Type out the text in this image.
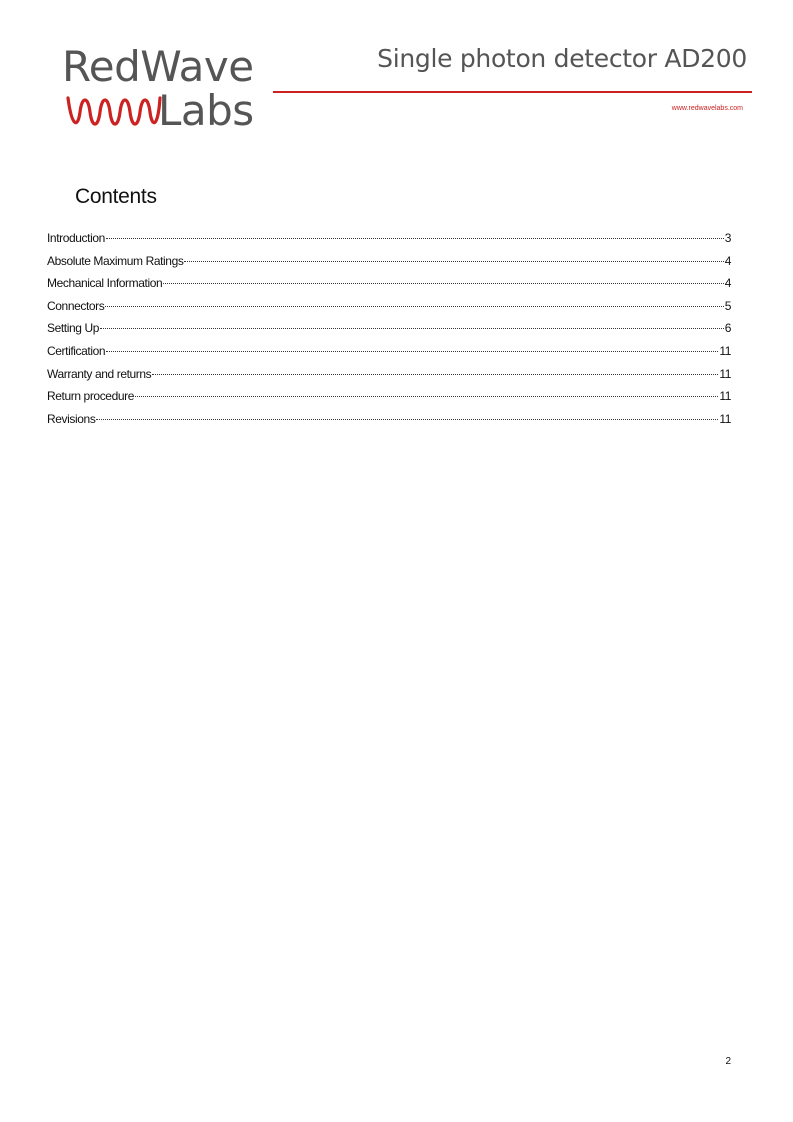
RedWave
Labs
Single photon detector AD200
www.redwavelabs.com
Contents
Introduction	3
Absolute Maximum Ratings	4
Mechanical Information	4
Connectors	5
Setting Up	6
Certification	11
Warranty and returns	11
Return procedure	11
Revisions	11
2
